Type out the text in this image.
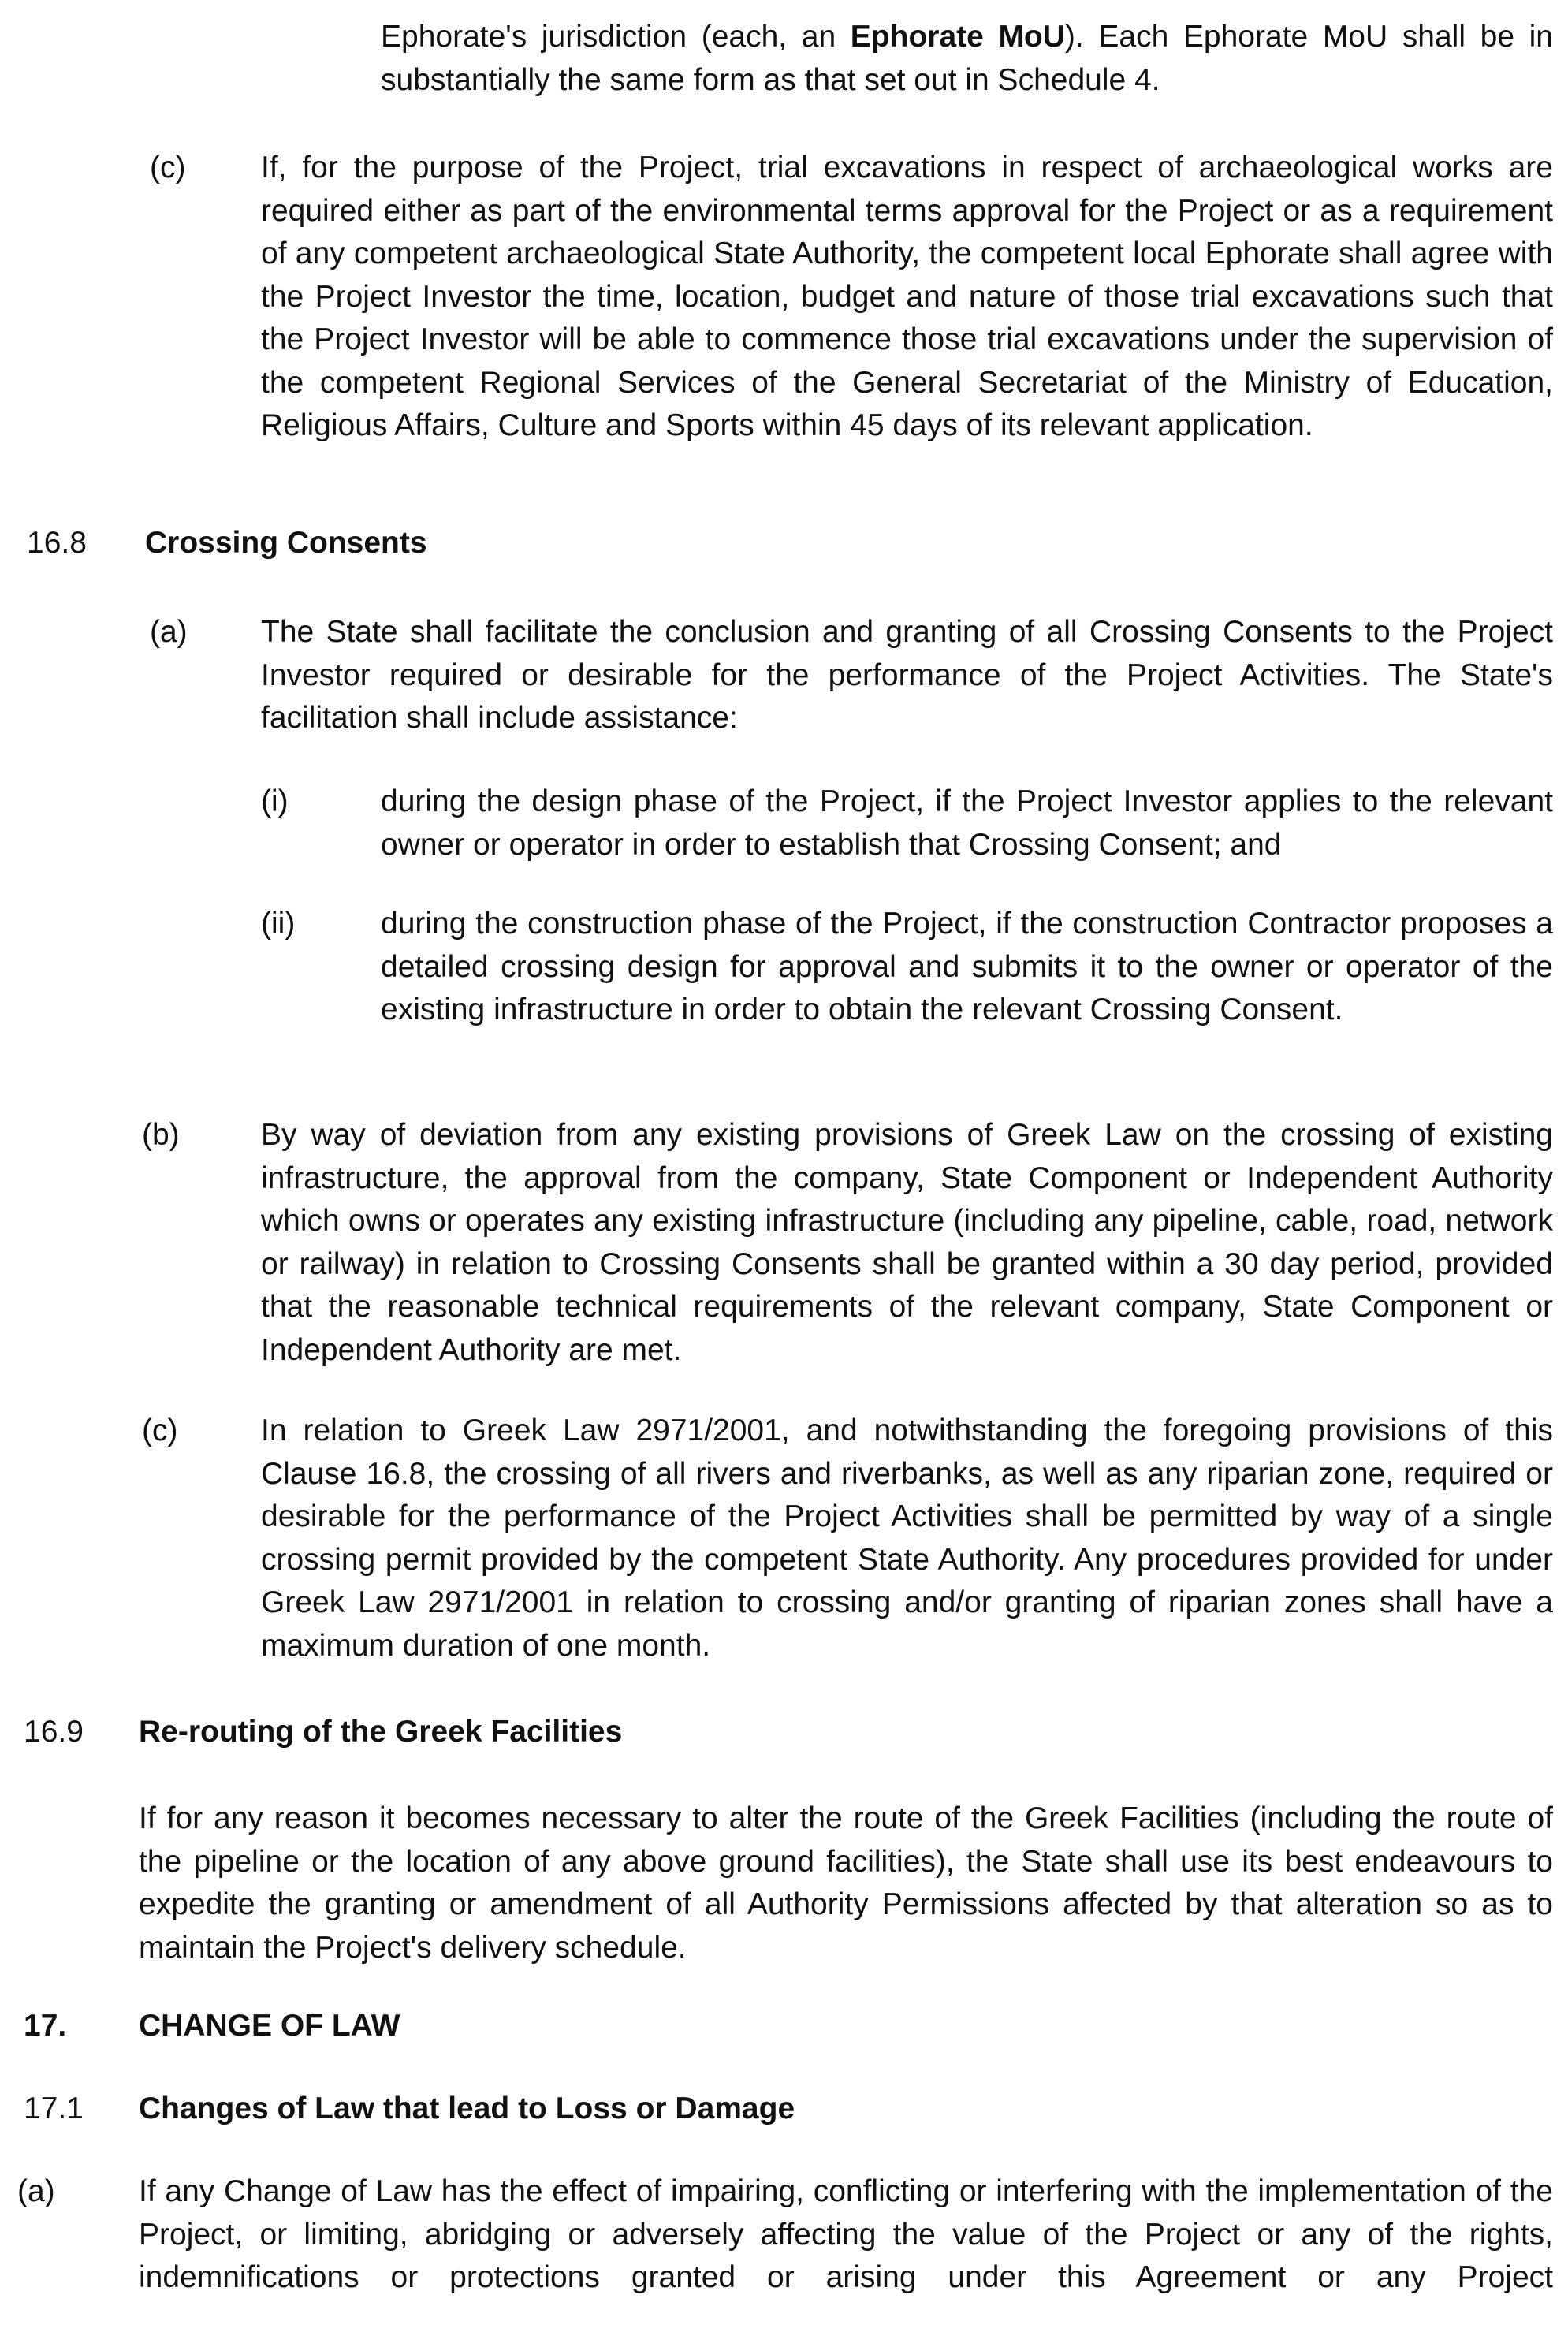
Ephorate's jurisdiction (each, an Ephorate MoU). Each Ephorate MoU shall be in substantially the same form as that set out in Schedule 4.
(c) If, for the purpose of the Project, trial excavations in respect of archaeological works are required either as part of the environmental terms approval for the Project or as a requirement of any competent archaeological State Authority, the competent local Ephorate shall agree with the Project Investor the time, location, budget and nature of those trial excavations such that the Project Investor will be able to commence those trial excavations under the supervision of the competent Regional Services of the General Secretariat of the Ministry of Education, Religious Affairs, Culture and Sports within 45 days of its relevant application.
16.8 Crossing Consents
(a) The State shall facilitate the conclusion and granting of all Crossing Consents to the Project Investor required or desirable for the performance of the Project Activities. The State's facilitation shall include assistance:
(i)	during the design phase of the Project, if the Project Investor applies to the relevant owner or operator in order to establish that Crossing Consent; and
(ii)	during the construction phase of the Project, if the construction Contractor proposes a detailed crossing design for approval and submits it to the owner or operator of the existing infrastructure in order to obtain the relevant Crossing Consent.
(b)	By way of deviation from any existing provisions of Greek Law on the crossing of existing infrastructure, the approval from the company, State Component or Independent Authority which owns or operates any existing infrastructure (including any pipeline, cable, road, network or railway) in relation to Crossing Consents shall be granted within a 30 day period, provided that the reasonable technical requirements of the relevant company, State Component or Independent Authority are met.
(c)	In relation to Greek Law 2971/2001, and notwithstanding the foregoing provisions of this Clause 16.8, the crossing of all rivers and riverbanks, as well as any riparian zone, required or desirable for the performance of the Project Activities shall be permitted by way of a single crossing permit provided by the competent State Authority. Any procedures provided for under Greek Law 2971/2001 in relation to crossing and/or granting of riparian zones shall have a maximum duration of one month.
16.9 Re-routing of the Greek Facilities
If for any reason it becomes necessary to alter the route of the Greek Facilities (including the route of the pipeline or the location of any above ground facilities), the State shall use its best endeavours to expedite the granting or amendment of all Authority Permissions affected by that alteration so as to maintain the Project's delivery schedule.
17. CHANGE OF LAW
17.1 Changes of Law that lead to Loss or Damage
(a)	If any Change of Law has the effect of impairing, conflicting or interfering with the implementation of the Project, or limiting, abridging or adversely affecting the value of the Project or any of the rights, indemnifications or protections granted or arising under this Agreement or any Project
